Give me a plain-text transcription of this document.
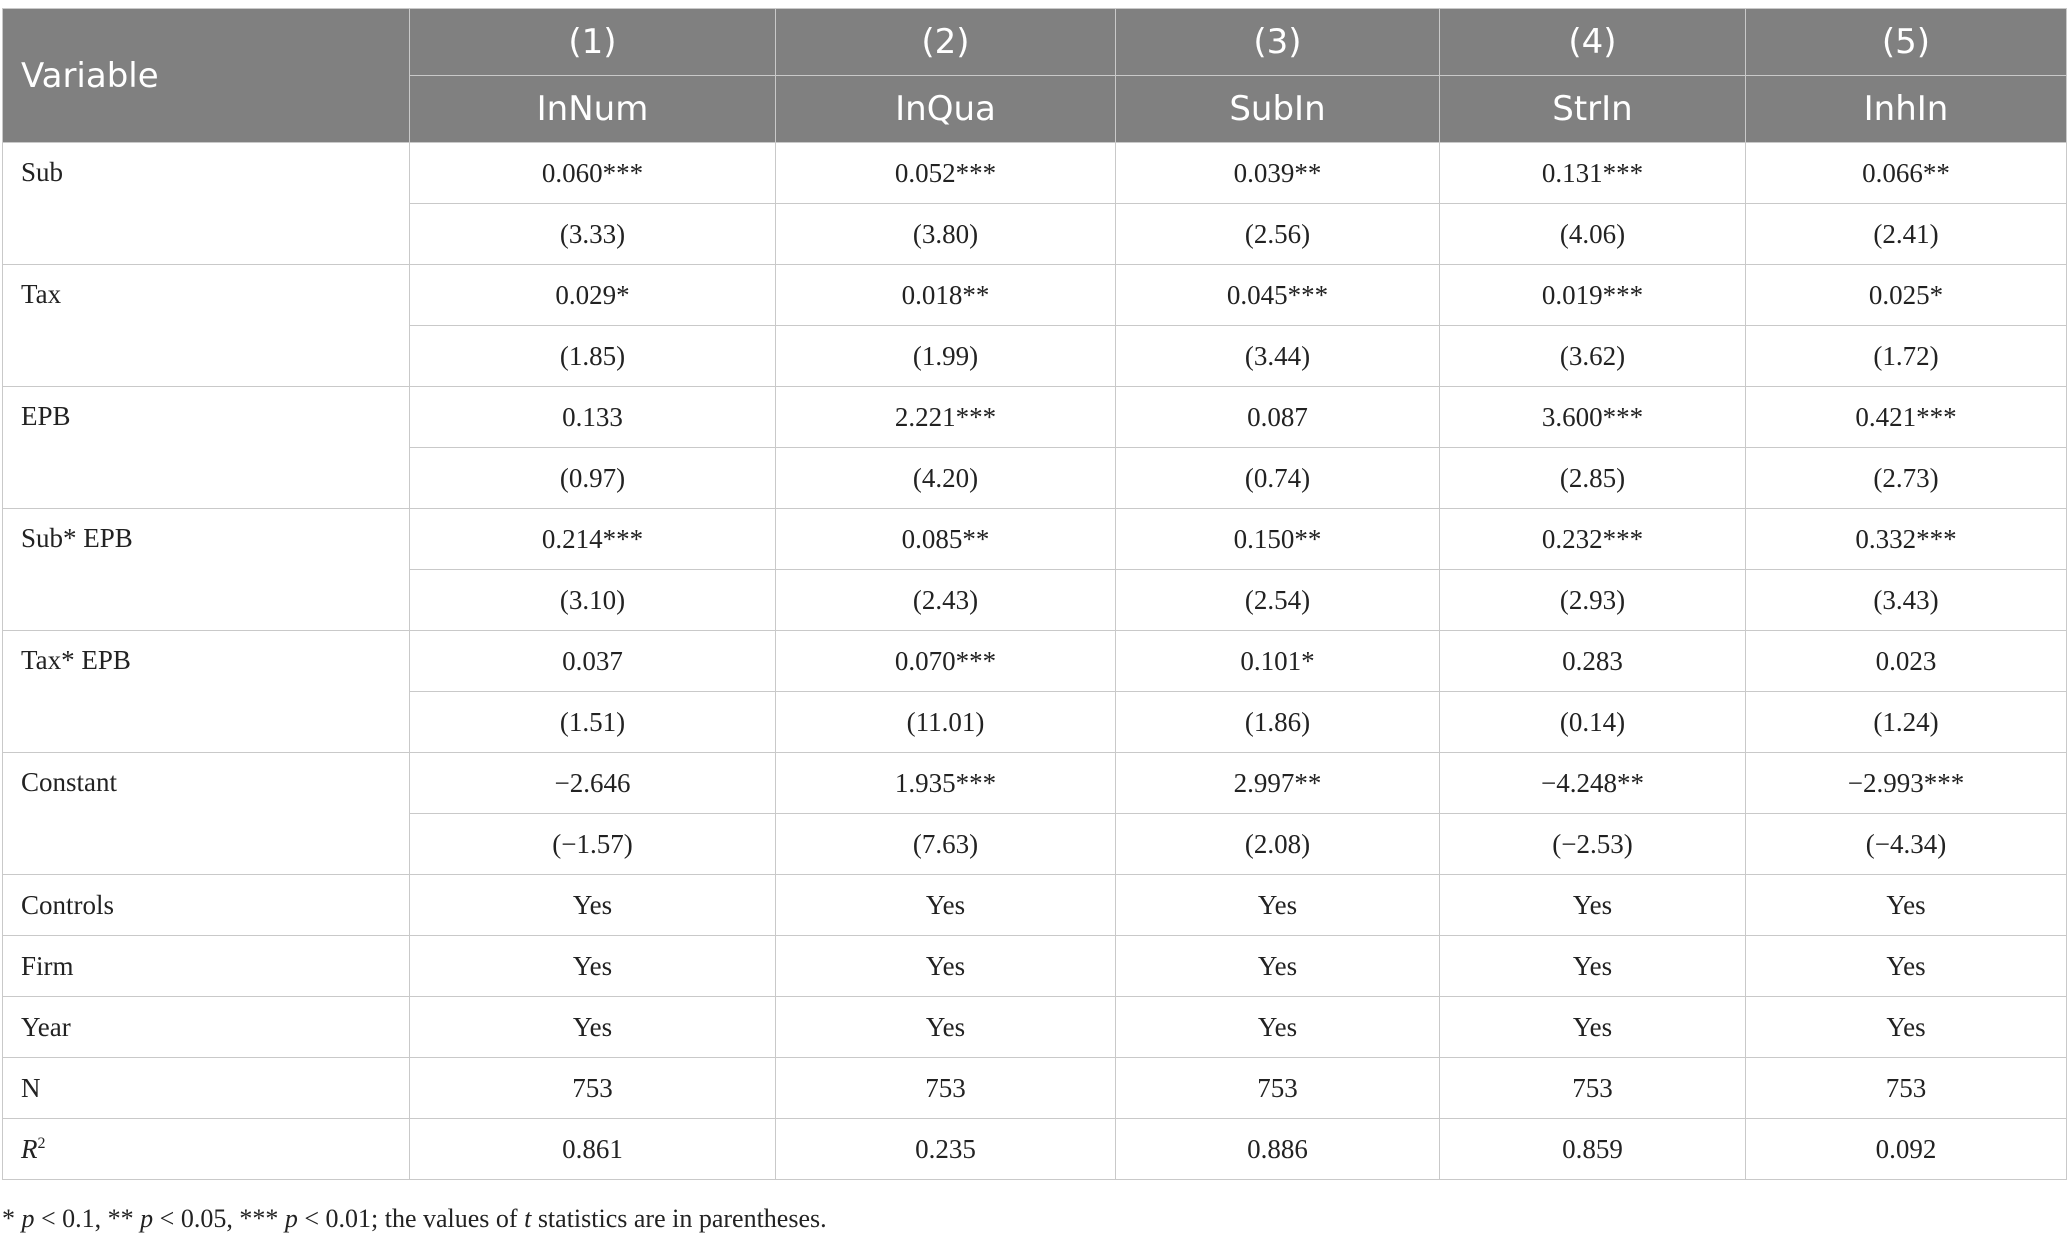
Variable	(1)	(2)	(3)	(4)	(5)
	InNum	InQua	SubIn	StrIn	InhIn
Sub	0.060***	0.052***	0.039**	0.131***	0.066**
	(3.33)	(3.80)	(2.56)	(4.06)	(2.41)
Tax	0.029*	0.018**	0.045***	0.019***	0.025*
	(1.85)	(1.99)	(3.44)	(3.62)	(1.72)
EPB	0.133	2.221***	0.087	3.600***	0.421***
	(0.97)	(4.20)	(0.74)	(2.85)	(2.73)
Sub* EPB	0.214***	0.085**	0.150**	0.232***	0.332***
	(3.10)	(2.43)	(2.54)	(2.93)	(3.43)
Tax* EPB	0.037	0.070***	0.101*	0.283	0.023
	(1.51)	(11.01)	(1.86)	(0.14)	(1.24)
Constant	−2.646	1.935***	2.997**	−4.248**	−2.993***
	(−1.57)	(7.63)	(2.08)	(−2.53)	(−4.34)
Controls	Yes	Yes	Yes	Yes	Yes
Firm	Yes	Yes	Yes	Yes	Yes
Year	Yes	Yes	Yes	Yes	Yes
N	753	753	753	753	753
$R^2$	0.861	0.235	0.886	0.859	0.092
* p < 0.1, ** p < 0.05, *** p < 0.01; the values of t statistics are in parentheses.
